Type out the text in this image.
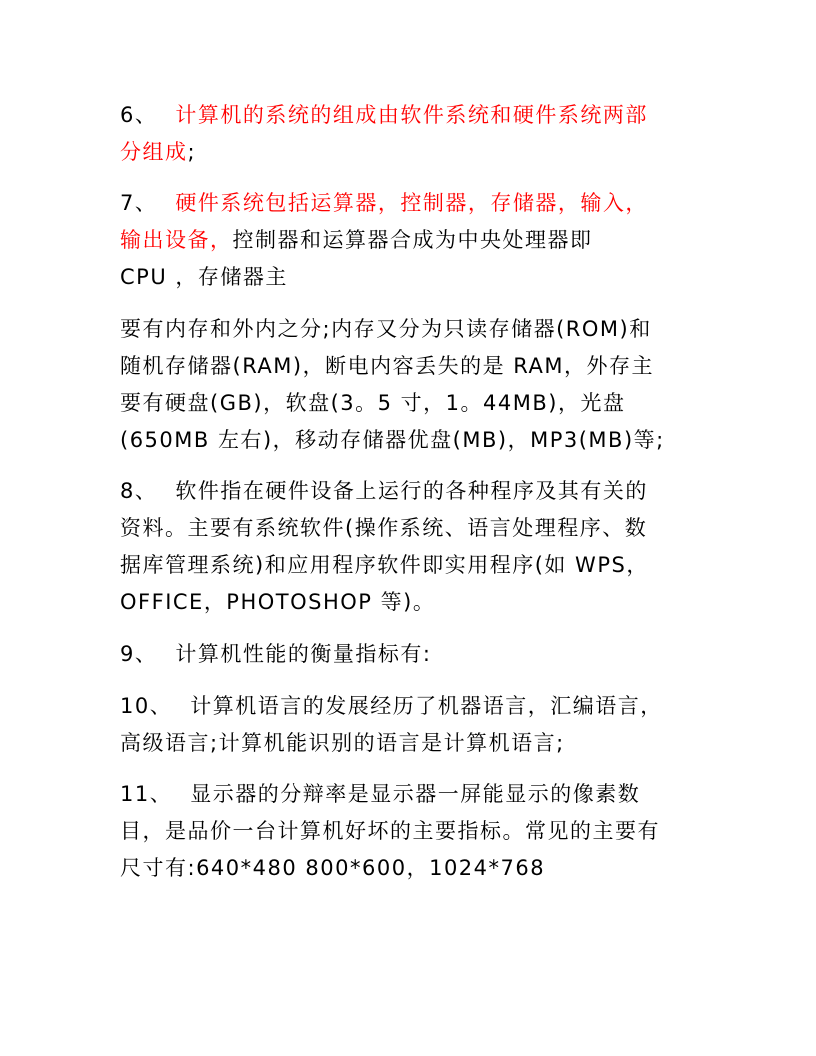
6、 计算机的系统的组成由软件系统和硬件系统两部
分组成;
7、 硬件系统包括运算器，控制器，存储器，输入，
输出设备，控制器和运算器合成为中央处理器即
CPU ，存储器主
要有内存和外内之分;内存又分为只读存储器(ROM)和
随机存储器(RAM)，断电内容丢失的是 RAM，外存主
要有硬盘(GB)，软盘(3。5 寸，1。44MB)，光盘
(650MB 左右)，移动存储器优盘(MB)，MP3(MB)等;
8、 软件指在硬件设备上运行的各种程序及其有关的
资料。主要有系统软件(操作系统、语言处理程序、数
据库管理系统)和应用程序软件即实用程序(如 WPS，
OFFICE，PHOTOSHOP 等)。
9、 计算机性能的衡量指标有:
10、 计算机语言的发展经历了机器语言，汇编语言，
高级语言;计算机能识别的语言是计算机语言;
11、 显示器的分辩率是显示器一屏能显示的像素数
目，是品价一台计算机好坏的主要指标。常见的主要有
尺寸有:640*480 800*600，1024*768
